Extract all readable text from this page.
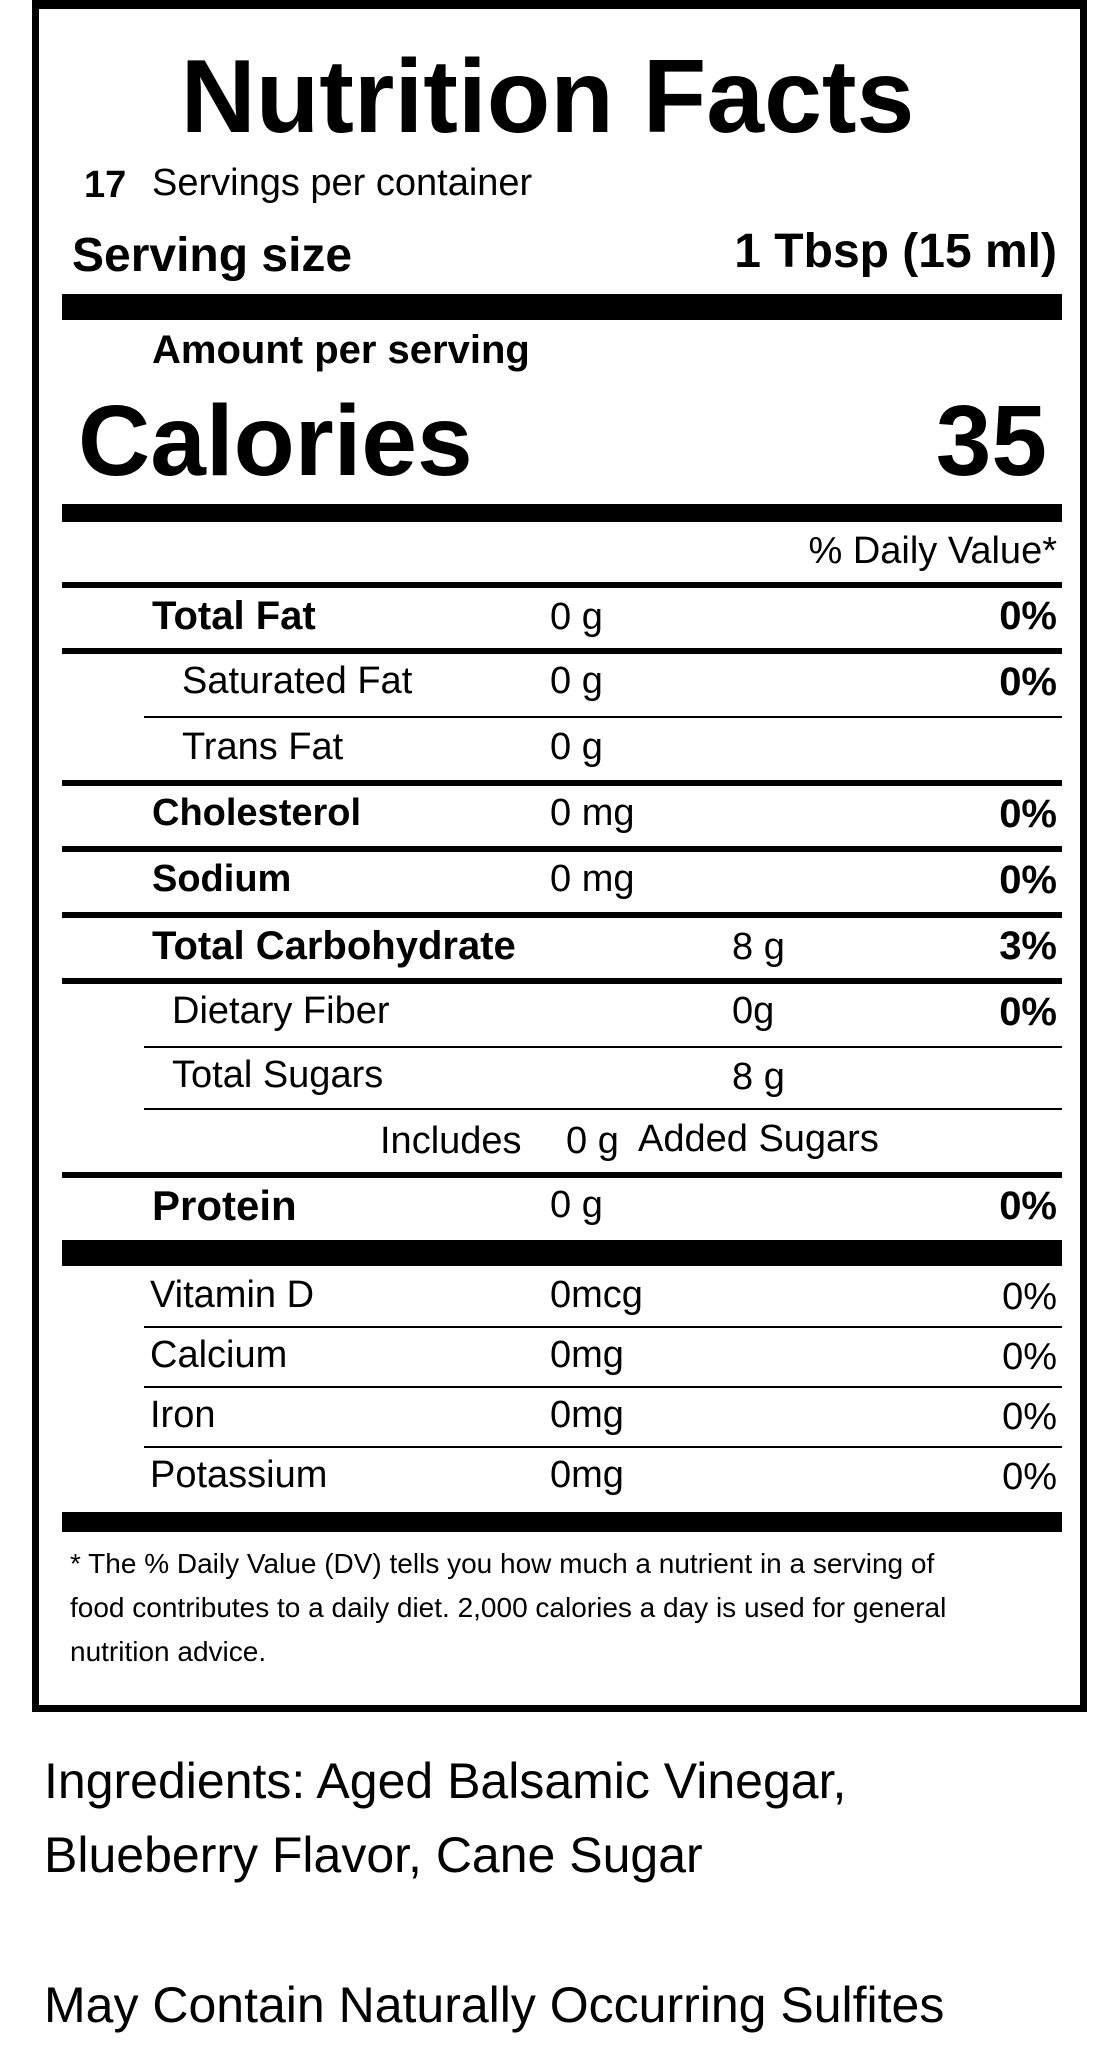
Nutrition Facts
17 Servings per container
Serving size	1 Tbsp (15 ml)
Amount per serving
Calories	35
% Daily Value*
Total Fat	0 g	0%
Saturated Fat	0 g	0%
Trans Fat	0 g
Cholesterol	0 mg	0%
Sodium	0 mg	0%
Total Carbohydrate	8 g	3%
Dietary Fiber	0g	0%
Total Sugars	8 g
Includes 0 g Added Sugars
Protein	0 g	0%
Vitamin D	0mcg	0%
Calcium	0mg	0%
Iron	0mg	0%
Potassium	0mg	0%
* The % Daily Value (DV) tells you how much a nutrient in a serving of
food contributes to a daily diet. 2,000 calories a day is used for general
nutrition advice.
Ingredients: Aged Balsamic Vinegar,
Blueberry Flavor, Cane Sugar
May Contain Naturally Occurring Sulfites
